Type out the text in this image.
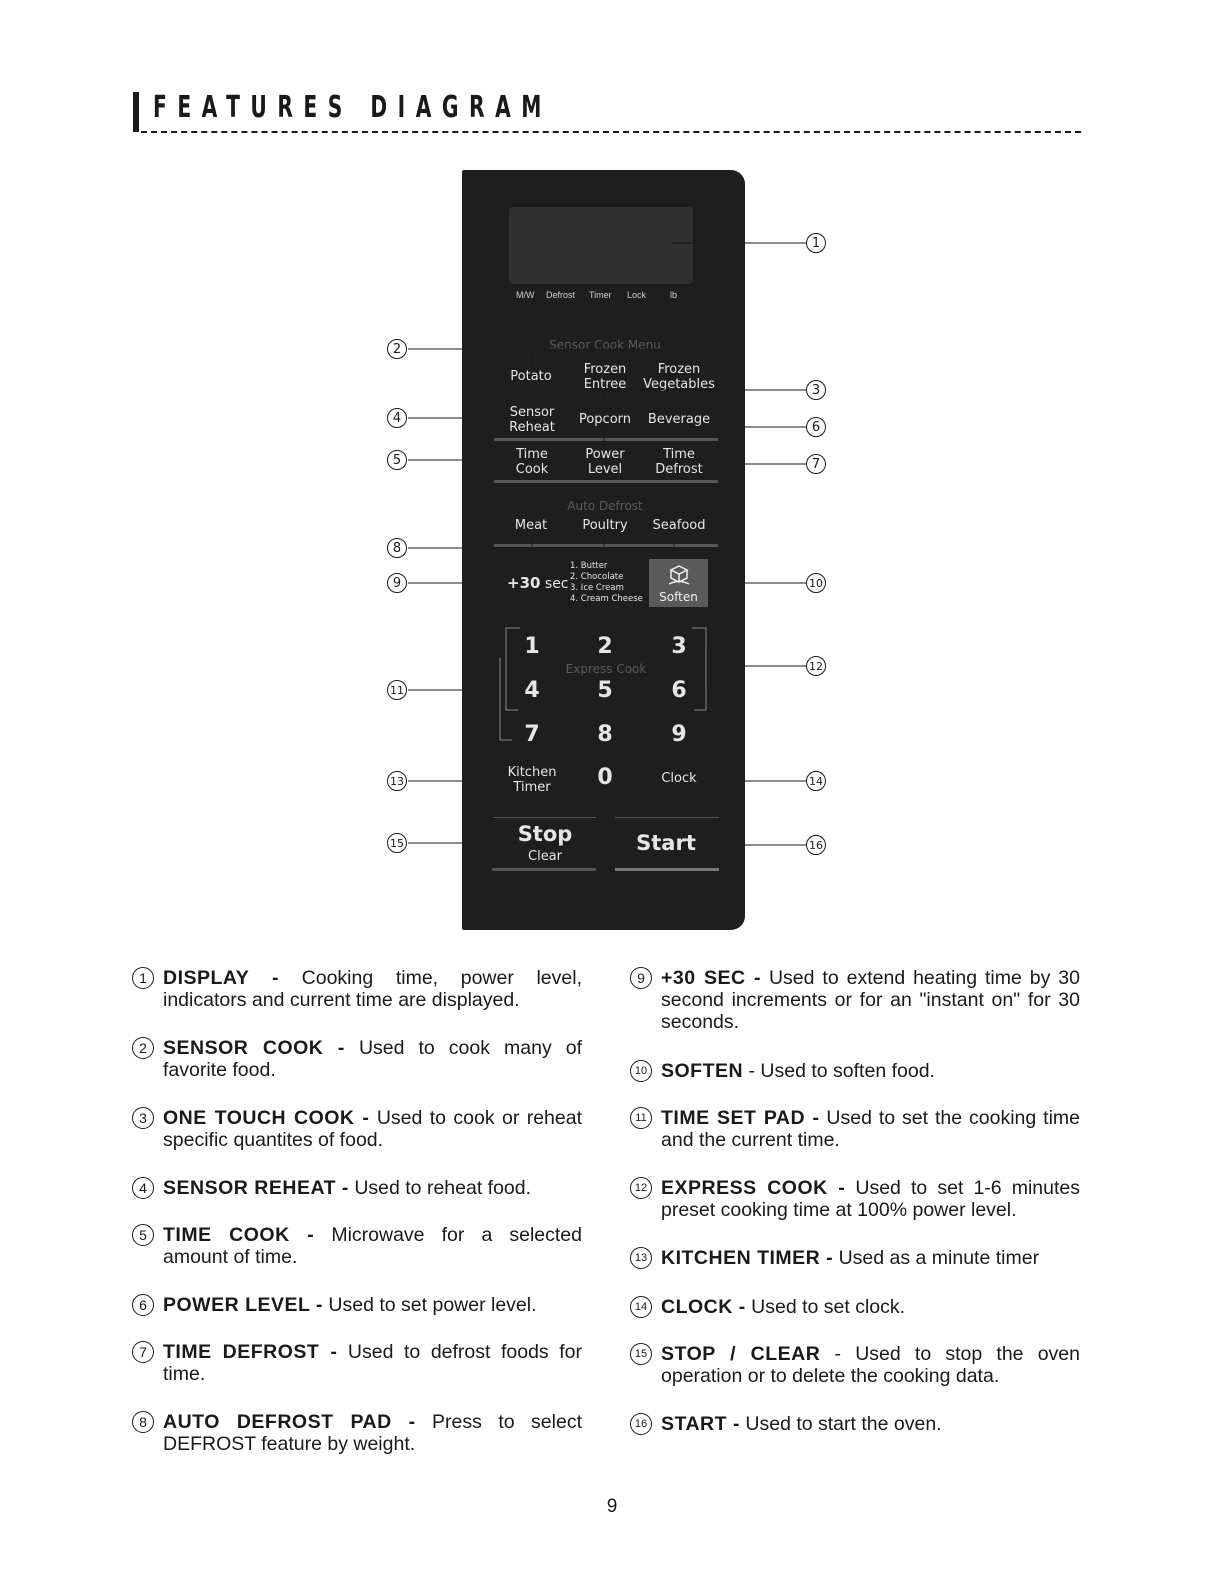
FEATURES DIAGRAM
M/W Defrost Timer Lock	lb
Sensor Cook Menu
Potato Frozen
Entree
Frozen
Vegetables
Sensor
Reheat
Popcorn Beverage
Time
Cook
Power
Level
Time
Defrost
Auto Defrost
Meat	Poultry Seafood
+30 sec
1. Butter
2. Chocolate
3. Ice Cream
4. Cream Cheese	Soften
1	2	3
Express Cook
4	5	6
7	8	9
Kitchen
Timer 0	Clock
Stop
Clear
Start
1
2
3
4
5
6
7
8
9	10
11
12
13	14
15	16
1 DISPLAY - Cooking time, power level, indicators and current time are displayed.
2 SENSOR COOK - Used to cook many of favorite food.
3 ONE TOUCH COOK - Used to cook or reheat specific quantites of food.
4 SENSOR REHEAT - Used to reheat food.
5 TIME COOK - Microwave for a selected amount of time.
6 POWER LEVEL - Used to set power level.
7 TIME DEFROST - Used to defrost foods for time.
8 AUTO DEFROST PAD - Press to select DEFROST feature by weight.
9 +30 SEC - Used to extend heating time by 30 second increments or for an "instant on" for 30 seconds.
10 SOFTEN - Used to soften food.
11 TIME SET PAD - Used to set the cooking time and the current time.
12 EXPRESS COOK - Used to set 1-6 minutes preset cooking time at 100% power level.
13 KITCHEN TIMER - Used as a minute timer
14 CLOCK - Used to set clock.
15 STOP / CLEAR - Used to stop the oven operation or to delete the cooking data.
16 START - Used to start the oven.
9
